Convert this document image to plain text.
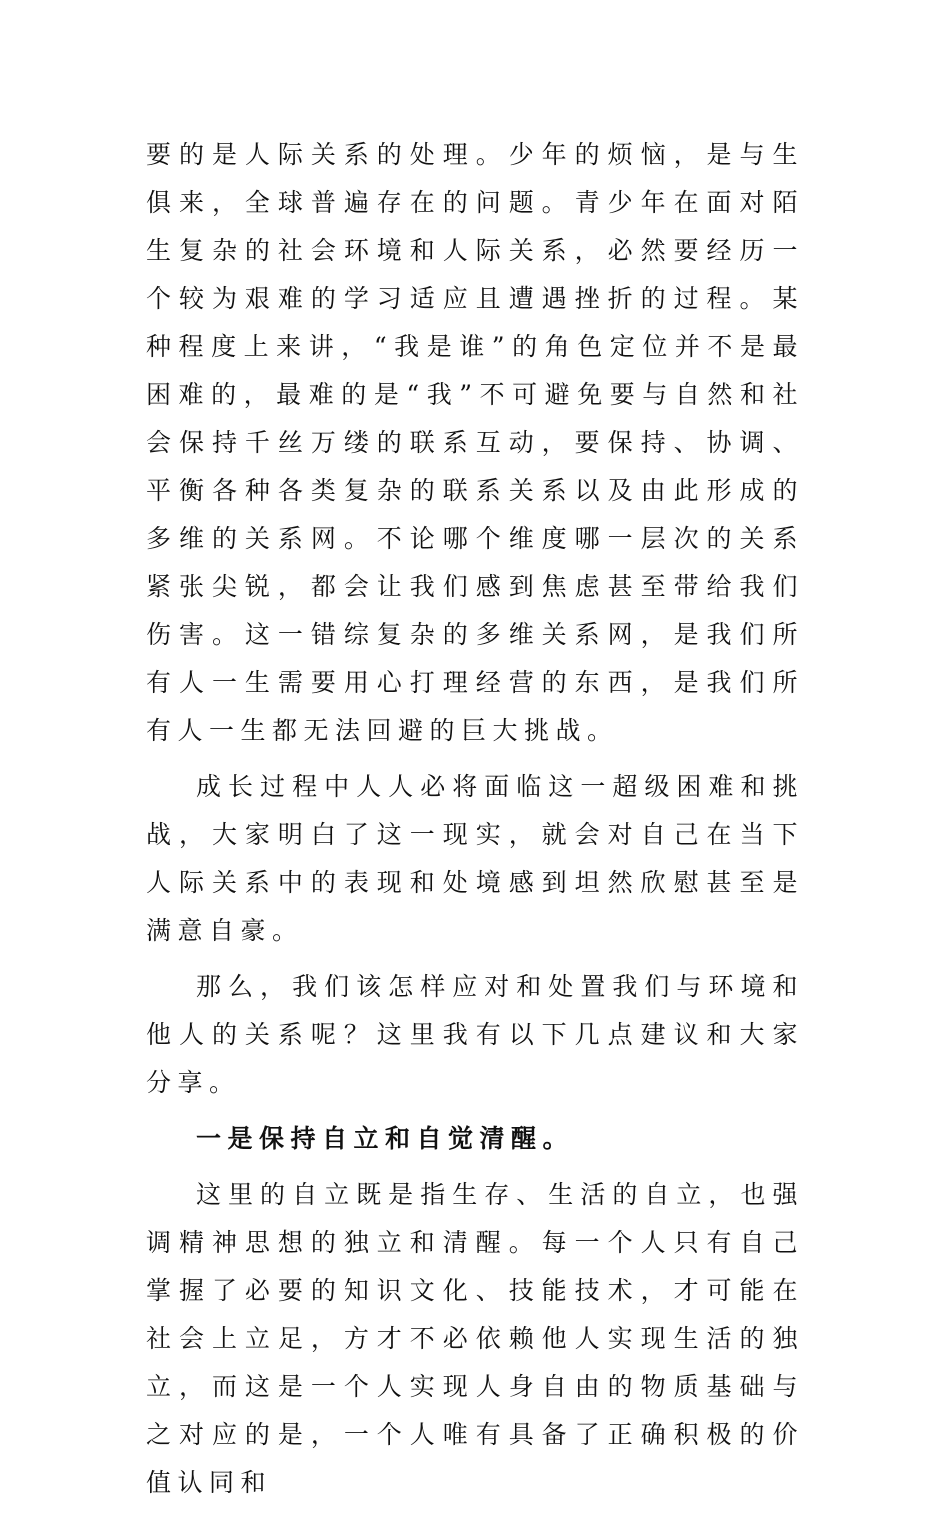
要的是人际关系的处理。少年的烦恼，是与生俱来，全球普遍存在的问题。青少年在面对陌生复杂的社会环境和人际关系，必然要经历一个较为艰难的学习适应且遭遇挫折的过程。某种程度上来讲，“我是谁”的角色定位并不是最困难的，最难的是“我”不可避免要与自然和社会保持千丝万缕的联系互动，要保持、协调、平衡各种各类复杂的联系关系以及由此形成的多维的关系网。不论哪个维度哪一层次的关系紧张尖锐，都会让我们感到焦虑甚至带给我们伤害。这一错综复杂的多维关系网，是我们所有人一生需要用心打理经营的东西，是我们所有人一生都无法回避的巨大挑战。

成长过程中人人必将面临这一超级困难和挑战，大家明白了这一现实，就会对自己在当下人际关系中的表现和处境感到坦然欣慰甚至是满意自豪。

那么，我们该怎样应对和处置我们与环境和他人的关系呢？这里我有以下几点建议和大家分享。

一是保持自立和自觉清醒。

这里的自立既是指生存、生活的自立，也强调精神思想的独立和清醒。每一个人只有自己掌握了必要的知识文化、技能技术，才可能在社会上立足，方才不必依赖他人实现生活的独立，而这是一个人实现人身自由的物质基础与之对应的是，一个人唯有具备了正确积极的价值认同和
